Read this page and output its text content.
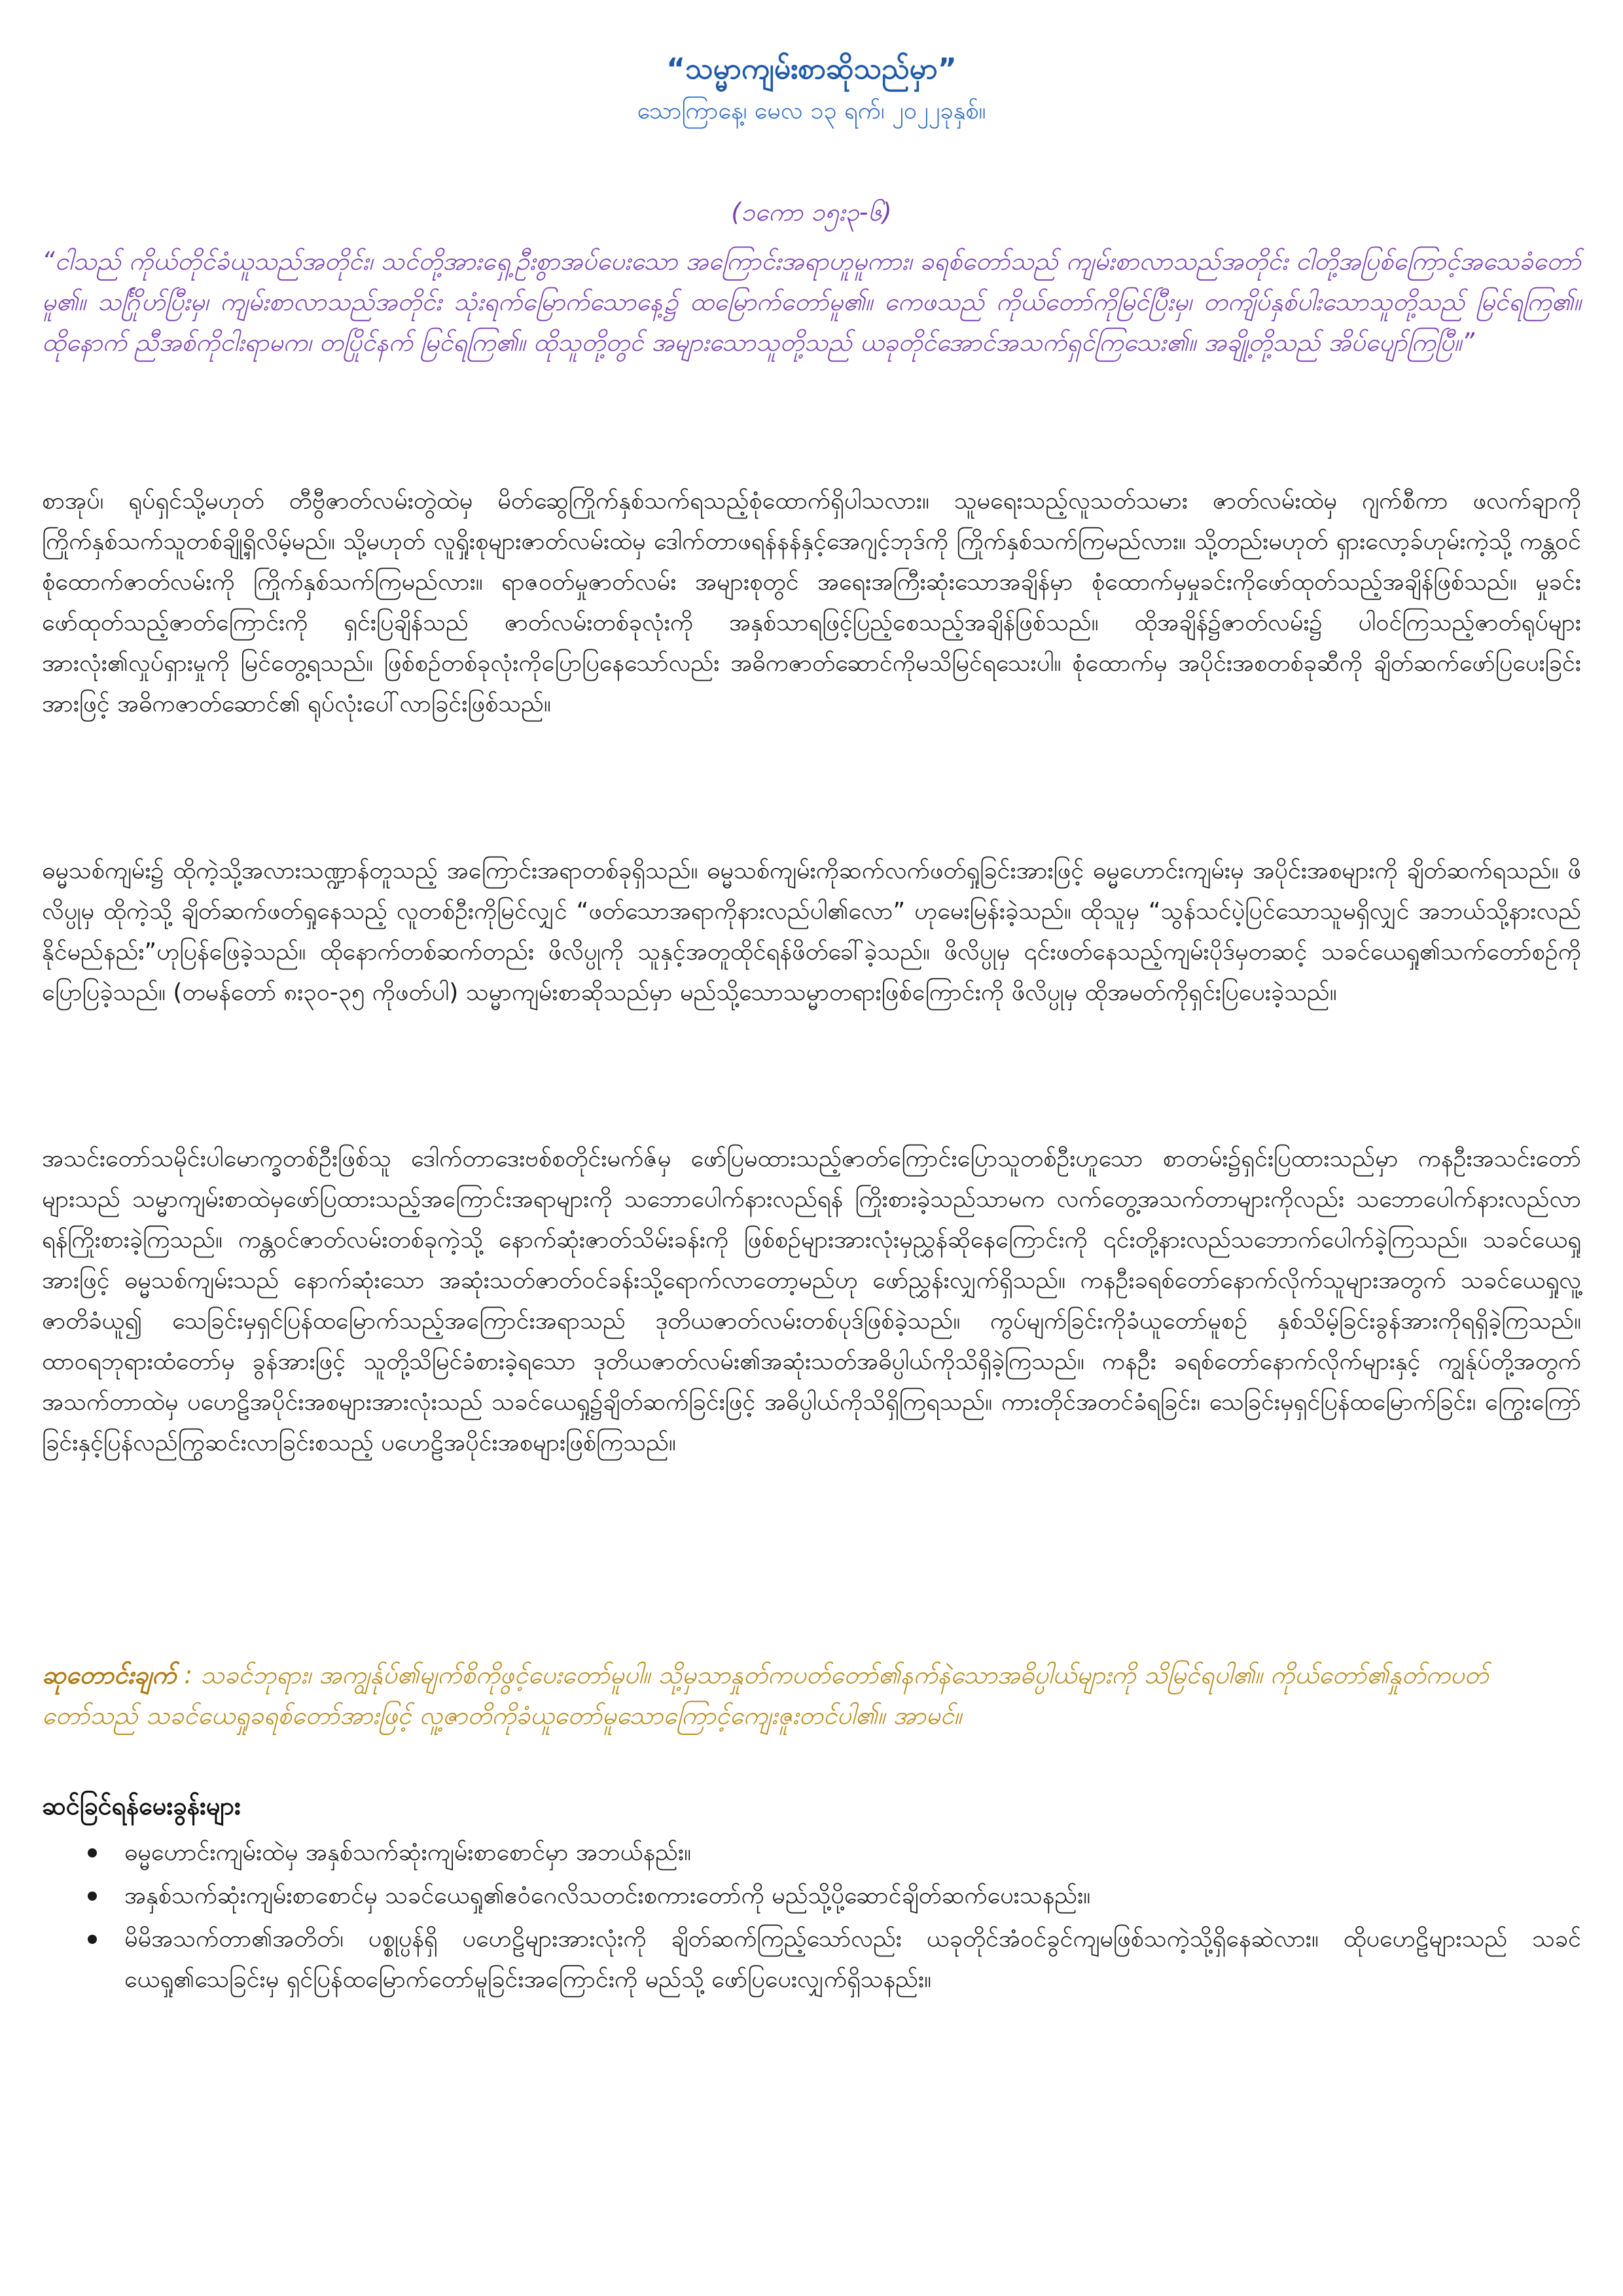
“သမ္မာကျမ်းစာဆိုသည်မှာ”

သောကြာနေ့၊ မေလ ၁၃ ရက်၊ ၂၀၂၂ခုနှစ်။

(၁ကော ၁၅း၃-၆)

“ငါသည် ကိုယ်တိုင်ခံယူသည်အတိုင်း၊ သင်တို့အားရှေ့ဦးစွာအပ်ပေးသော အကြောင်းအရာဟူမူကား၊ ခရစ်တော်သည် ကျမ်းစာလာသည်အတိုင်း ငါတို့အပြစ်ကြောင့်အသေခံတော်မူ၏။ သင်္ဂြိုဟ်ပြီးမှ၊ ကျမ်းစာလာသည်အတိုင်း သုံးရက်မြောက်သောနေ့၌ ထမြောက်တော်မူ၏။ ကေဖသည် ကိုယ်တော်ကိုမြင်ပြီးမှ၊ တကျိပ်နှစ်ပါးသောသူတို့သည် မြင်ရကြ၏။ ထိုနောက် ညီအစ်ကိုငါးရာမက၊ တပြိုင်နက် မြင်ရကြ၏။ ထိုသူတို့တွင် အများသောသူတို့သည် ယခုတိုင်အောင်အသက်ရှင်ကြသေး၏။ အချို့တို့သည် အိပ်ပျော်ကြပြီ။”

စာအုပ်၊ ရုပ်ရှင်သို့မဟုတ် တီဗွီဇာတ်လမ်းတွဲထဲမှ မိတ်ဆွေကြိုက်နှစ်သက်ရသည့်စုံထောက်ရှိပါသလား။ သူမရေးသည့်လူသတ်သမား ဇာတ်လမ်းထဲမှ ဂျက်စီကာ ဖလက်ချာကို ကြိုက်နှစ်သက်သူတစ်ချို့ရှိလိမ့်မည်။ သို့မဟုတ် လူရှိုးစုများဇာတ်လမ်းထဲမှ ဒေါက်တာဖရန်နန်နှင့်အေဂျင့်ဘုဒ်ကို ကြိုက်နှစ်သက်ကြမည်လား။ သို့တည်းမဟုတ် ရှားလော့ခ်ဟုမ်းကဲ့သို့ ကန္တဝင်စုံထောက်ဇာတ်လမ်းကို ကြိုက်နှစ်သက်ကြမည်လား။ ရာဇဝတ်မှုဇာတ်လမ်း အများစုတွင် အရေးအကြီးဆုံးသောအချိန်မှာ စုံထောက်မှမှုခင်းကိုဖော်ထုတ်သည့်အချိန်ဖြစ်သည်။ မှုခင်းဖော်ထုတ်သည့်ဇာတ်ကြောင်းကို ရှင်းပြချိန်သည် ဇာတ်လမ်းတစ်ခုလုံးကို အနှစ်သာရဖြင့်ပြည့်စေသည့်အချိန်ဖြစ်သည်။ ထိုအချိန်၌ဇာတ်လမ်း၌ ပါဝင်ကြသည့်ဇာတ်ရုပ်များအားလုံး၏လှုပ်ရှားမှုကို မြင်တွေ့ရသည်။ ဖြစ်စဉ်တစ်ခုလုံးကိုပြောပြနေသော်လည်း အဓိကဇာတ်ဆောင်ကိုမသိမြင်ရသေးပါ။ စုံထောက်မှ အပိုင်းအစတစ်ခုဆီကို ချိတ်ဆက်ဖော်ပြပေးခြင်းအားဖြင့် အဓိကဇာတ်ဆောင်၏ ရုပ်လုံးပေါ်လာခြင်းဖြစ်သည်။

ဓမ္မသစ်ကျမ်း၌ ထိုကဲ့သို့အလားသဏ္ဍာန်တူသည့် အကြောင်းအရာတစ်ခုရှိသည်။ ဓမ္မသစ်ကျမ်းကိုဆက်လက်ဖတ်ရှုခြင်းအားဖြင့် ဓမ္မဟောင်းကျမ်းမှ အပိုင်းအစများကို ချိတ်ဆက်ရသည်။ ဖိလိပ္ပုမှ ထိုကဲ့သို့ ချိတ်ဆက်ဖတ်ရှုနေသည့် လူတစ်ဦးကိုမြင်လျှင် “ဖတ်သောအရာကိုနားလည်ပါ၏လော” ဟုမေးမြန်းခဲ့သည်။ ထိုသူမှ “သွန်သင်ပဲ့ပြင်သောသူမရှိလျှင် အဘယ်သို့နားလည်နိုင်မည်နည်း”ဟုပြန်ဖြေခဲ့သည်။ ထိုနောက်တစ်ဆက်တည်း ဖိလိပ္ပုကို သူနှင့်အတူထိုင်ရန်ဖိတ်ခေါ်ခဲ့သည်။ ဖိလိပ္ပုမှ ၎င်းဖတ်နေသည့်ကျမ်းပိုဒ်မှတဆင့် သခင်ယေရှု၏သက်တော်စဉ်ကိုပြောပြခဲ့သည်။ (တမန်တော် ၈း၃၀-၃၅ ကိုဖတ်ပါ) သမ္မာကျမ်းစာဆိုသည်မှာ မည်သို့သောသမ္မာတရားဖြစ်ကြောင်းကို ဖိလိပ္ပုမှ ထိုအမတ်ကိုရှင်းပြပေးခဲ့သည်။

အသင်းတော်သမိုင်းပါမောက္ခတစ်ဦးဖြစ်သူ ဒေါက်တာဒေးဗစ်စတိုင်းမက်ဇ်မှ ဖော်ပြမထားသည့်ဇာတ်ကြောင်းပြောသူတစ်ဦးဟူသော စာတမ်း၌ရှင်းပြထားသည်မှာ ကနဦးအသင်းတော်များသည် သမ္မာကျမ်းစာထဲမှဖော်ပြထားသည့်အကြောင်းအရာများကို သဘောပေါက်နားလည်ရန် ကြိုးစားခဲ့သည်သာမက လက်တွေ့အသက်တာများကိုလည်း သဘောပေါက်နားလည်လာရန်ကြိုးစားခဲ့ကြသည်။ ကန္တဝင်ဇာတ်လမ်းတစ်ခုကဲ့သို့ နောက်ဆုံးဇာတ်သိမ်းခန်းကို ဖြစ်စဉ်များအားလုံးမှညွှန်ဆိုနေကြောင်းကို ၎င်းတို့နားလည်သဘောက်ပေါက်ခဲ့ကြသည်။ သခင်ယေရှုအားဖြင့် ဓမ္မသစ်ကျမ်းသည် နောက်ဆုံးသော အဆုံးသတ်ဇာတ်ဝင်ခန်းသို့ရောက်လာတော့မည်ဟု ဖော်ညွှန်းလျှက်ရှိသည်။ ကနဦးခရစ်တော်နောက်လိုက်သူများအတွက် သခင်ယေရှုလူ့ဇာတိခံယူ၍ သေခြင်းမှရှင်ပြန်ထမြောက်သည့်အကြောင်းအရာသည် ဒုတိယဇာတ်လမ်းတစ်ပုဒ်ဖြစ်ခဲ့သည်။ ကွပ်မျက်ခြင်းကိုခံယူတော်မူစဉ် နှစ်သိမ့်ခြင်းခွန်အားကိုရရှိခဲ့ကြသည်။ ထာဝရဘုရားထံတော်မှ ခွန်အားဖြင့် သူတို့သိမြင်ခံစားခဲ့ရသော ဒုတိယဇာတ်လမ်း၏အဆုံးသတ်အဓိပ္ပါယ်ကိုသိရှိခဲ့ကြသည်။ ကနဦး ခရစ်တော်နောက်လိုက်များနှင့် ကျွန်ုပ်တို့အတွက် အသက်တာထဲမှ ပဟေဠိအပိုင်းအစများအားလုံးသည် သခင်ယေရှု၌ချိတ်ဆက်ခြင်းဖြင့် အဓိပ္ပါယ်ကိုသိရှိကြရသည်။ ကားတိုင်အတင်ခံရခြင်း၊ သေခြင်းမှရှင်ပြန်ထမြောက်ခြင်း၊ ကြွေးကြော်ခြင်းနှင့်ပြန်လည်ကြွဆင်းလာခြင်းစသည့် ပဟေဠိအပိုင်းအစများဖြစ်ကြသည်။

ဆုတောင်းချက် : သခင်ဘုရား၊ အကျွန်ုပ်၏မျက်စိကိုဖွင့်ပေးတော်မူပါ။ သို့မှသာနှုတ်ကပတ်တော်၏နက်နဲသောအဓိပ္ပါယ်များကို သိမြင်ရပါ၏။ ကိုယ်တော်၏နှုတ်ကပတ်တော်သည် သခင်ယေရှုခရစ်တော်အားဖြင့် လူ့ဇာတိကိုခံယူတော်မူသောကြောင့်ကျေးဇူးတင်ပါ၏။ အာမင်။

ဆင်ခြင်ရန်မေးခွန်းများ
ဓမ္မဟောင်းကျမ်းထဲမှ အနှစ်သက်ဆုံးကျမ်းစာစောင်မှာ အဘယ်နည်း။
အနှစ်သက်ဆုံးကျမ်းစာစောင်မှ သခင်ယေရှု၏ဧဝံဂေလိသတင်းစကားတော်ကို မည်သို့ပို့ဆောင်ချိတ်ဆက်ပေးသနည်း။
မိမိအသက်တာ၏အတိတ်၊ ပစ္စုပ္ပန်ရှိ ပဟေဠိများအားလုံးကို ချိတ်ဆက်ကြည့်သော်လည်း ယခုတိုင်အံဝင်ခွင်ကျမဖြစ်သကဲ့သို့ရှိနေဆဲလား။ ထိုပဟေဠိများသည် သခင်ယေရှု၏သေခြင်းမှ ရှင်ပြန်ထမြောက်တော်မူခြင်းအကြောင်းကို မည်သို့ ဖော်ပြပေးလျှက်ရှိသနည်း။
